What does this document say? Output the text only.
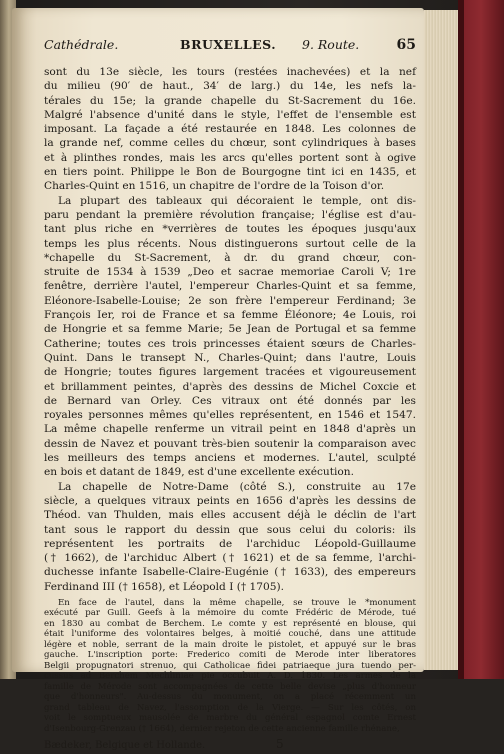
Cathédrale.	BRUXELLES. 9. Route.	65
sont du 13e siècle, les tours (restées inachevées) et la nef
du milieu (90′ de haut., 34′ de larg.) du 14e, les nefs la-
térales du 15e; la grande chapelle du St-Sacrement du 16e.
Malgré l'absence d'unité dans le style, l'effet de l'ensemble est
imposant. La façade a été restaurée en 1848. Les colonnes de
la grande nef, comme celles du chœur, sont cylindriques à bases
et à plinthes rondes, mais les arcs qu'elles portent sont à ogive
en tiers point. Philippe le Bon de Bourgogne tint ici en 1435, et
Charles-Quint en 1516, un chapitre de l'ordre de la Toison d'or.
La plupart des tableaux qui décoraient le temple, ont dis-
paru pendant la première révolution française; l'église est d'au-
tant plus riche en *verrières de toutes les époques jusqu'aux
temps les plus récents. Nous distinguerons surtout celle de la
*chapelle du St-Sacrement, à dr. du grand chœur, con-
struite de 1534 à 1539 „Deo et sacrae memoriae Caroli V; 1re
fenêtre, derrière l'autel, l'empereur Charles-Quint et sa femme,
Eléonore-Isabelle-Louise; 2e son frère l'empereur Ferdinand; 3e
François Ier, roi de France et sa femme Éléonore; 4e Louis, roi
de Hongrie et sa femme Marie; 5e Jean de Portugal et sa femme
Catherine; toutes ces trois princesses étaient sœurs de Charles-
Quint. Dans le transept N., Charles-Quint; dans l'autre, Louis
de Hongrie; toutes figures largement tracées et vigoureusement
et brillamment peintes, d'après des dessins de Michel Coxcie et
de Bernard van Orley. Ces vitraux ont été donnés par les
royales personnes mêmes qu'elles représentent, en 1546 et 1547.
La même chapelle renferme un vitrail peint en 1848 d'après un
dessin de Navez et pouvant très-bien soutenir la comparaison avec
les meilleurs des temps anciens et modernes. L'autel, sculpté
en bois et datant de 1849, est d'une excellente exécution.
La chapelle de Notre-Dame (côté S.), construite au 17e
siècle, a quelques vitraux peints en 1656 d'après les dessins de
Théod. van Thulden, mais elles accusent déjà le déclin de l'art
tant sous le rapport du dessin que sous celui du coloris: ils
représentent les portraits de l'archiduc Léopold-Guillaume
(† 1662), de l'archiduc Albert († 1621) et de sa femme, l'archi-
duchesse infante Isabelle-Claire-Eugénie († 1633), des empereurs
Ferdinand III († 1658), et Léopold I († 1705).
En face de l'autel, dans la même chapelle, se trouve le *monument
exécuté par Guill. Geefs à la mémoire du comte Frédéric de Mérode, tué
en 1830 au combat de Berchem. Le comte y est représenté en blouse, qui
était l'uniforme des volontaires belges, à moitié couché, dans une attitude
légère et noble, serrant de la main droite le pistolet, et appuyé sur le bras
gauche. L'inscription porte: Frederico comiti de Merode inter liberatores
Belgii propugnatori strenuo, qui Catholicae fidei patriaeque jura tuendo per-
cussus ad Berchem Mechliniae pie occubuit A. D. 1830. Les armes de la
famille de Mérode sont accompagnées de cette belle devise „plus d'honneur
que d'honneurs". Au-dessus du monument, on a placé récemment un
grand tableau de Navez, l'assomption de la Vierge. — Sur les côtés, on
voit le somptueux mausolée de marbre du général espagnol comte Ernest
d'Isenbourg-Grenzau († 1664), dernier rejeton de cette ancienne famille rhénane,
Bædeker, Belgique et Hollande.	5
